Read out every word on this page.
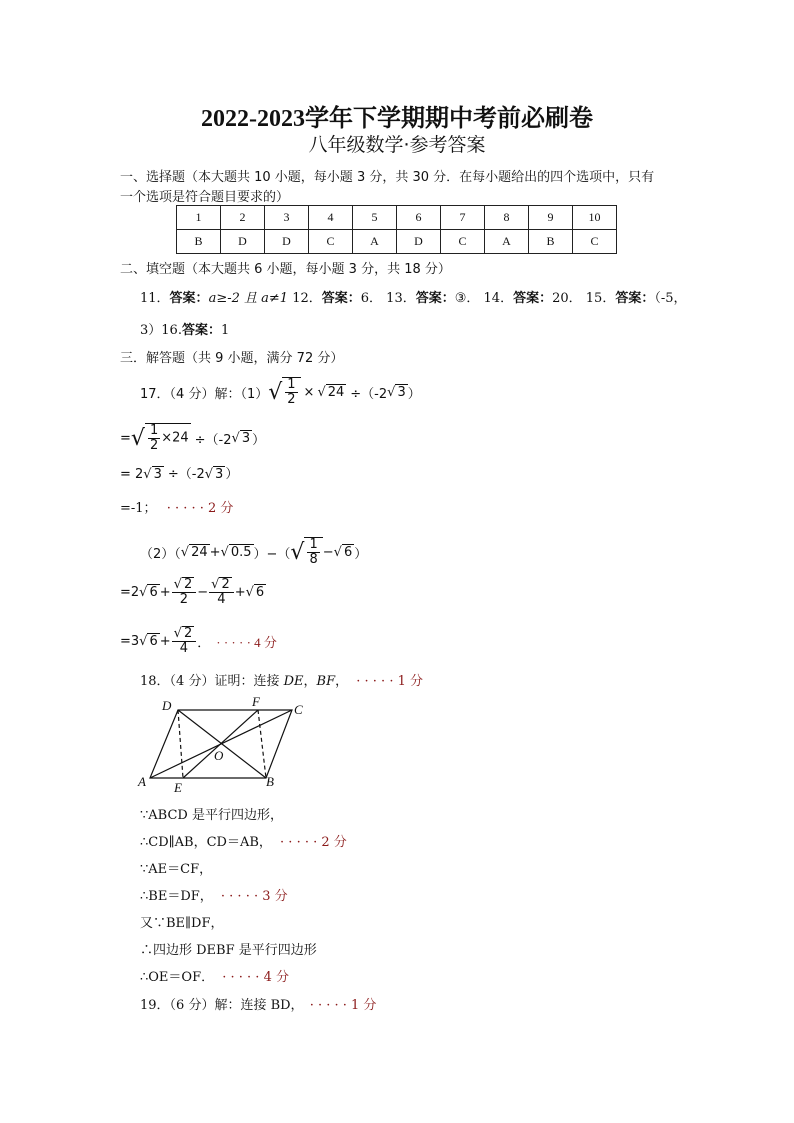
2022-2023学年下学期期中考前必刷卷
八年级数学·参考答案
一、选择题（本大题共 10 小题，每小题 3 分，共 30 分．在每小题给出的四个选项中，只有
一个选项是符合题目要求的）
1	2	3	4	5	6	7	8	9	10
B	D	D	C	A	D	C	A	B	C
二、填空题（本大题共 6 小题，每小题 3 分，共 18 分）
11．答案：a≥-2 且 a≠1 12．答案：6． 13．答案：③． 14．答案：20． 15．答案：（-5，
3）16.答案：1
三．解答题（共 9 小题，满分 72 分）
17．（4 分）解：（1） √ $\frac{1}{2}$ × √ 24 ÷（-2 √ 3 ）
= √ $\frac{1}{2} \times 24 \div(-2$ √ 3 ）
= 2√ 3 ÷（-2√ 3 ）
=-1； · · · · · 2 分
（2）（ √ 24 + √ 0.5 ）−（ √ $\frac{1}{8}$ − √ 6 ）
=2 √ $6 + \frac{√ 2}{2} - \frac{√ 2}{4}$ + √ 6
=3 √ $6 + \frac{√ 2}{4}$ ． · · · · · 4 分
18．（4 分）证明：连接 DE，BF， · · · · · 1 分
D	F
C
O
A E	B
∵ABCD 是平行四边形，
∴CD∥AB，CD＝AB， · · · · · 2 分
∵AE＝CF，
∴BE＝DF， · · · · · 3 分
又∵BE∥DF，
∴四边形 DEBF 是平行四边形
∴OE＝OF． · · · · · 4 分
19．（6 分）解：连接 BD， · · · · · 1 分
